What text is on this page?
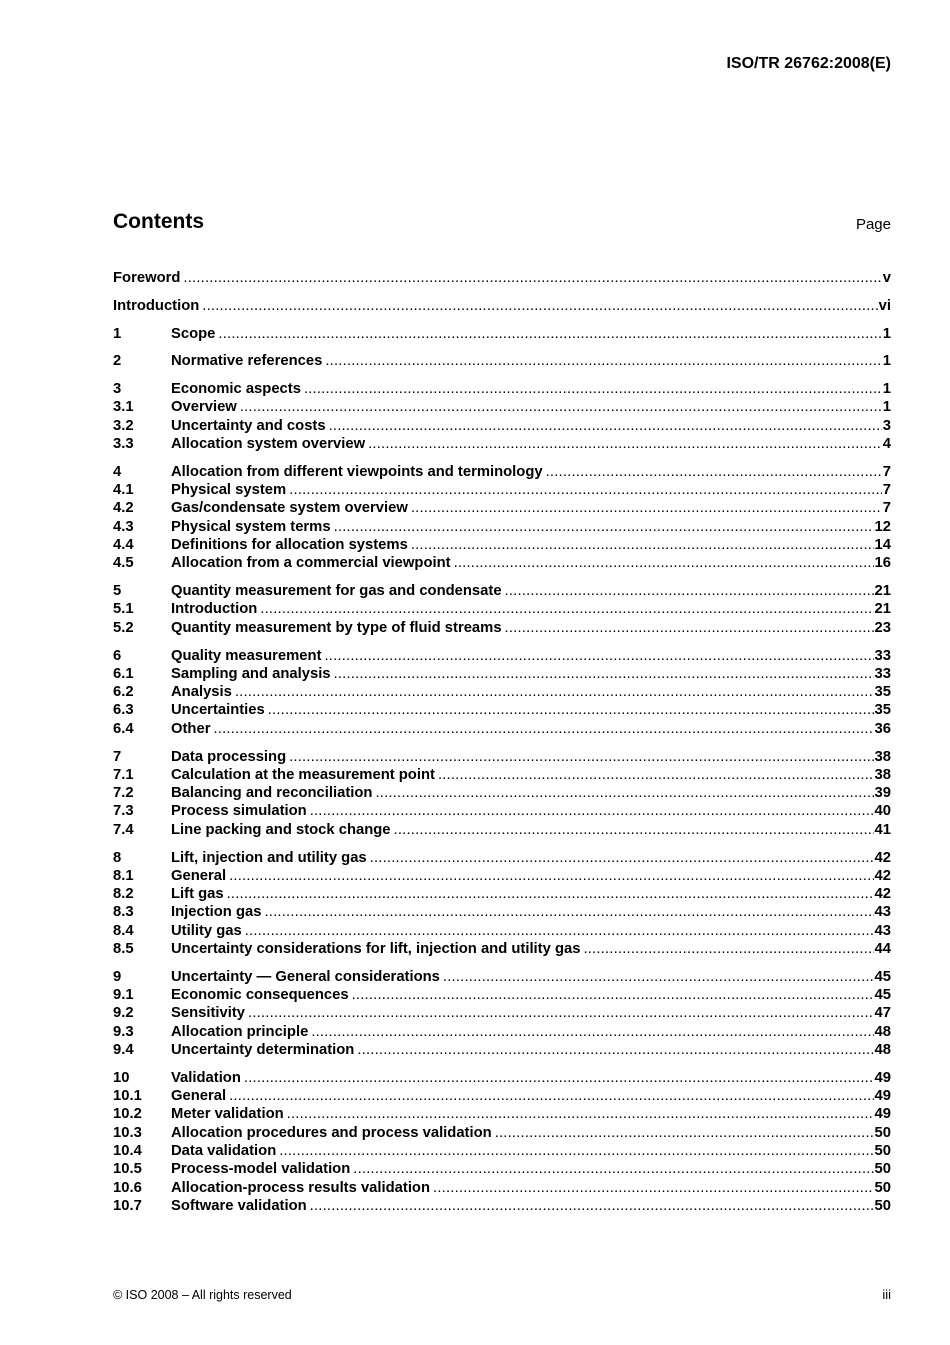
ISO/TR 26762:2008(E)
Contents	Page
Foreword .....	v
Introduction .....	vi
1	Scope .....	1
2	Normative references .....	1
3	Economic aspects .....	1
3.1	Overview .....	1
3.2	Uncertainty and costs .....	3
3.3	Allocation system overview .....	4
4	Allocation from different viewpoints and terminology .....	7
4.1	Physical system .....	7
4.2	Gas/condensate system overview .....	7
4.3	Physical system terms .....	12
4.4	Definitions for allocation systems .....	14
4.5	Allocation from a commercial viewpoint .....	16
5	Quantity measurement for gas and condensate .....	21
5.1	Introduction .....	21
5.2	Quantity measurement by type of fluid streams .....	23
6	Quality measurement .....	33
6.1	Sampling and analysis .....	33
6.2	Analysis .....	35
6.3	Uncertainties .....	35
6.4	Other .....	36
7	Data processing .....	38
7.1	Calculation at the measurement point .....	38
7.2	Balancing and reconciliation .....	39
7.3	Process simulation .....	40
7.4	Line packing and stock change .....	41
8	Lift, injection and utility gas .....	42
8.1	General .....	42
8.2	Lift gas .....	42
8.3	Injection gas .....	43
8.4	Utility gas .....	43
8.5	Uncertainty considerations for lift, injection and utility gas .....	44
9	Uncertainty — General considerations .....	45
9.1	Economic consequences .....	45
9.2	Sensitivity .....	47
9.3	Allocation principle .....	48
9.4	Uncertainty determination .....	48
10	Validation .....	49
10.1	General .....	49
10.2	Meter validation .....	49
10.3	Allocation procedures and process validation .....	50
10.4	Data validation .....	50
10.5	Process-model validation .....	50
10.6	Allocation-process results validation .....	50
10.7	Software validation .....	50
© ISO 2008 – All rights reserved	iii
